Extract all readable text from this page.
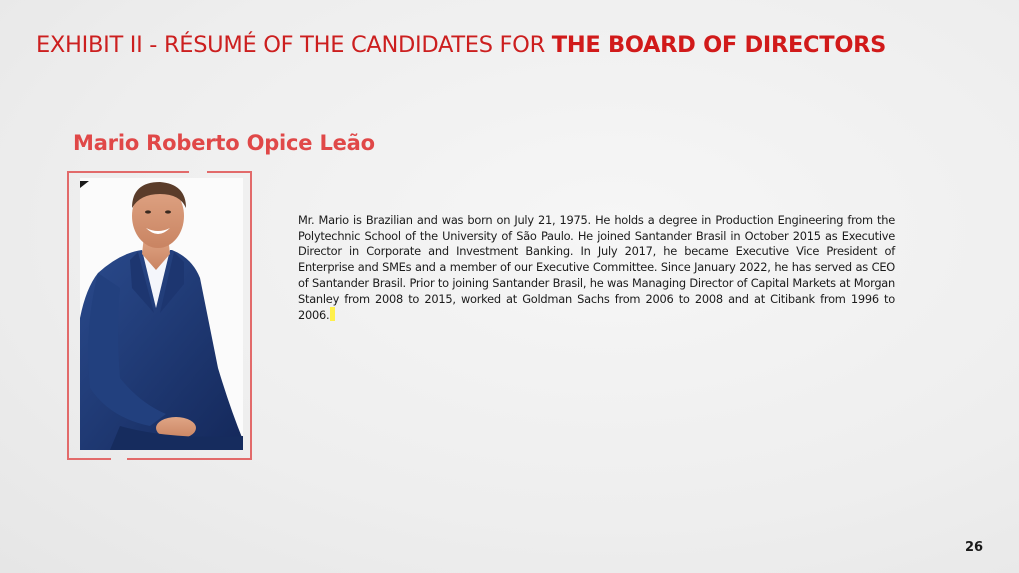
EXHIBIT II - RÉSUMÉ OF THE CANDIDATES FOR THE BOARD OF DIRECTORS
Mario Roberto Opice Leão
Mr. Mario is Brazilian and was born on July 21, 1975. He holds a degree in Production Engineering from the Polytechnic School of the University of São Paulo. He joined Santander Brasil in October 2015 as Executive Director in Corporate and Investment Banking. In July 2017, he became Executive Vice President of Enterprise and SMEs and a member of our Executive Committee. Since January 2022, he has served as CEO of Santander Brasil. Prior to joining Santander Brasil, he was Managing Director of Capital Markets at Morgan Stanley from 2008 to 2015, worked at Goldman Sachs from 2006 to 2008 and at Citibank from 1996 to 2006.
26
